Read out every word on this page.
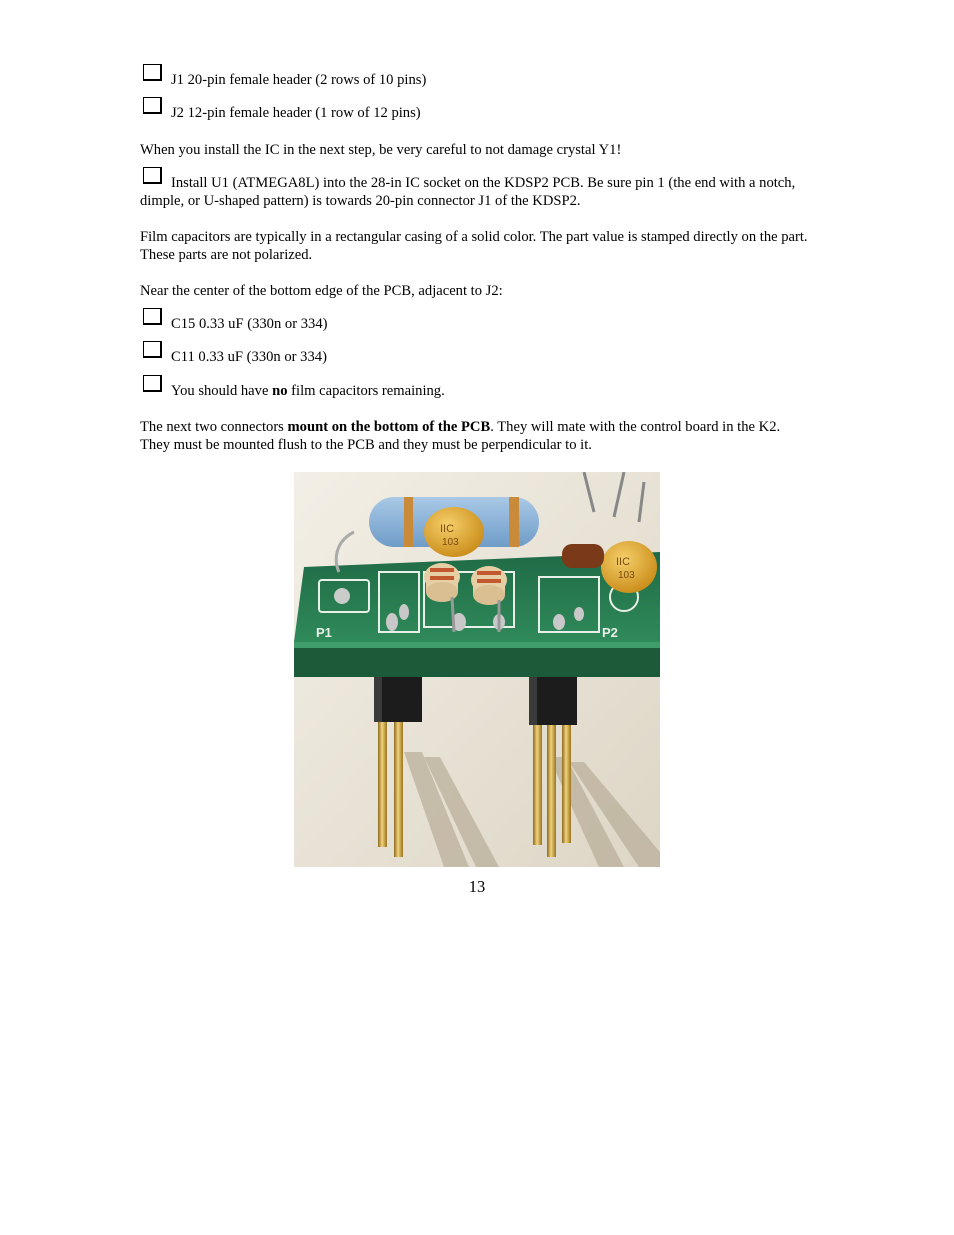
J1 20-pin female header (2 rows of 10 pins)
J2 12-pin female header (1 row of 12 pins)
When you install the IC in the next step, be very careful to not damage crystal Y1!
Install U1 (ATMEGA8L) into the 28-in IC socket on the KDSP2 PCB. Be sure pin 1 (the end with a notch, dimple, or U-shaped pattern) is towards 20-pin connector J1 of the KDSP2.
Film capacitors are typically in a rectangular casing of a solid color. The part value is stamped directly on the part. These parts are not polarized.
Near the center of the bottom edge of the PCB, adjacent to J2:
C15 0.33 uF (330n or 334)
C11 0.33 uF (330n or 334)
You should have no film capacitors remaining.
The next two connectors mount on the bottom of the PCB. They will mate with the control board in the K2. They must be mounted flush to the PCB and they must be perpendicular to it.
P1	P2
IIC
103
IIC
103
13
